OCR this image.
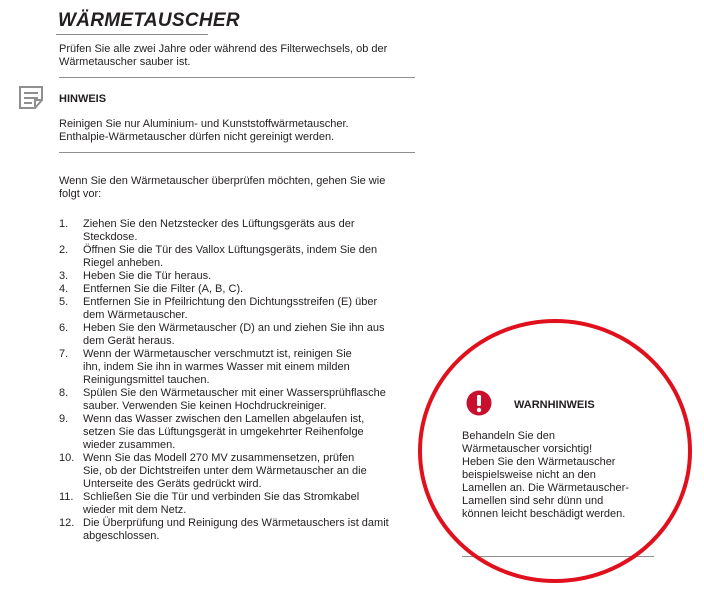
WÄRMETAUSCHER

Prüfen Sie alle zwei Jahre oder während des Filterwechsels, ob der

Wärmetauscher sauber ist.

HINWEIS

Reinigen Sie nur Aluminium- und Kunststoffwärmetauscher.

Enthalpie-Wärmetauscher dürfen nicht gereinigt werden.

Wenn Sie den Wärmetauscher überprüfen möchten, gehen Sie wie

folgt vor:

1.	Ziehen Sie den Netzstecker des Lüftungsgeräts aus der
Steckdose.
2.	Öffnen Sie die Tür des Vallox Lüftungsgeräts, indem Sie den
Riegel anheben.
3.	Heben Sie die Tür heraus.
4.	Entfernen Sie die Filter (A, B, C).
5.	Entfernen Sie in Pfeilrichtung den Dichtungsstreifen (E) über
dem Wärmetauscher.
6.	Heben Sie den Wärmetauscher (D) an und ziehen Sie ihn aus
dem Gerät heraus.
7.	Wenn der Wärmetauscher verschmutzt ist, reinigen Sie
ihn, indem Sie ihn in warmes Wasser mit einem milden
Reinigungsmittel tauchen.
8.	Spülen Sie den Wärmetauscher mit einer Wassersprühflasche
sauber. Verwenden Sie keinen Hochdruckreiniger.
9.	Wenn das Wasser zwischen den Lamellen abgelaufen ist,
setzen Sie das Lüftungsgerät in umgekehrter Reihenfolge
wieder zusammen.
10. Wenn Sie das Modell 270 MV zusammensetzen, prüfen
Sie, ob der Dichtstreifen unter dem Wärmetauscher an die
Unterseite des Geräts gedrückt wird.
11. Schließen Sie die Tür und verbinden Sie das Stromkabel
wieder mit dem Netz.
12. Die Überprüfung und Reinigung des Wärmetauschers ist damit
abgeschlossen.
WARNHINWEIS

Behandeln Sie den

Wärmetauscher vorsichtig!

Heben Sie den Wärmetauscher

beispielsweise nicht an den

Lamellen an. Die Wärmetauscher-

Lamellen sind sehr dünn und

können leicht beschädigt werden.
